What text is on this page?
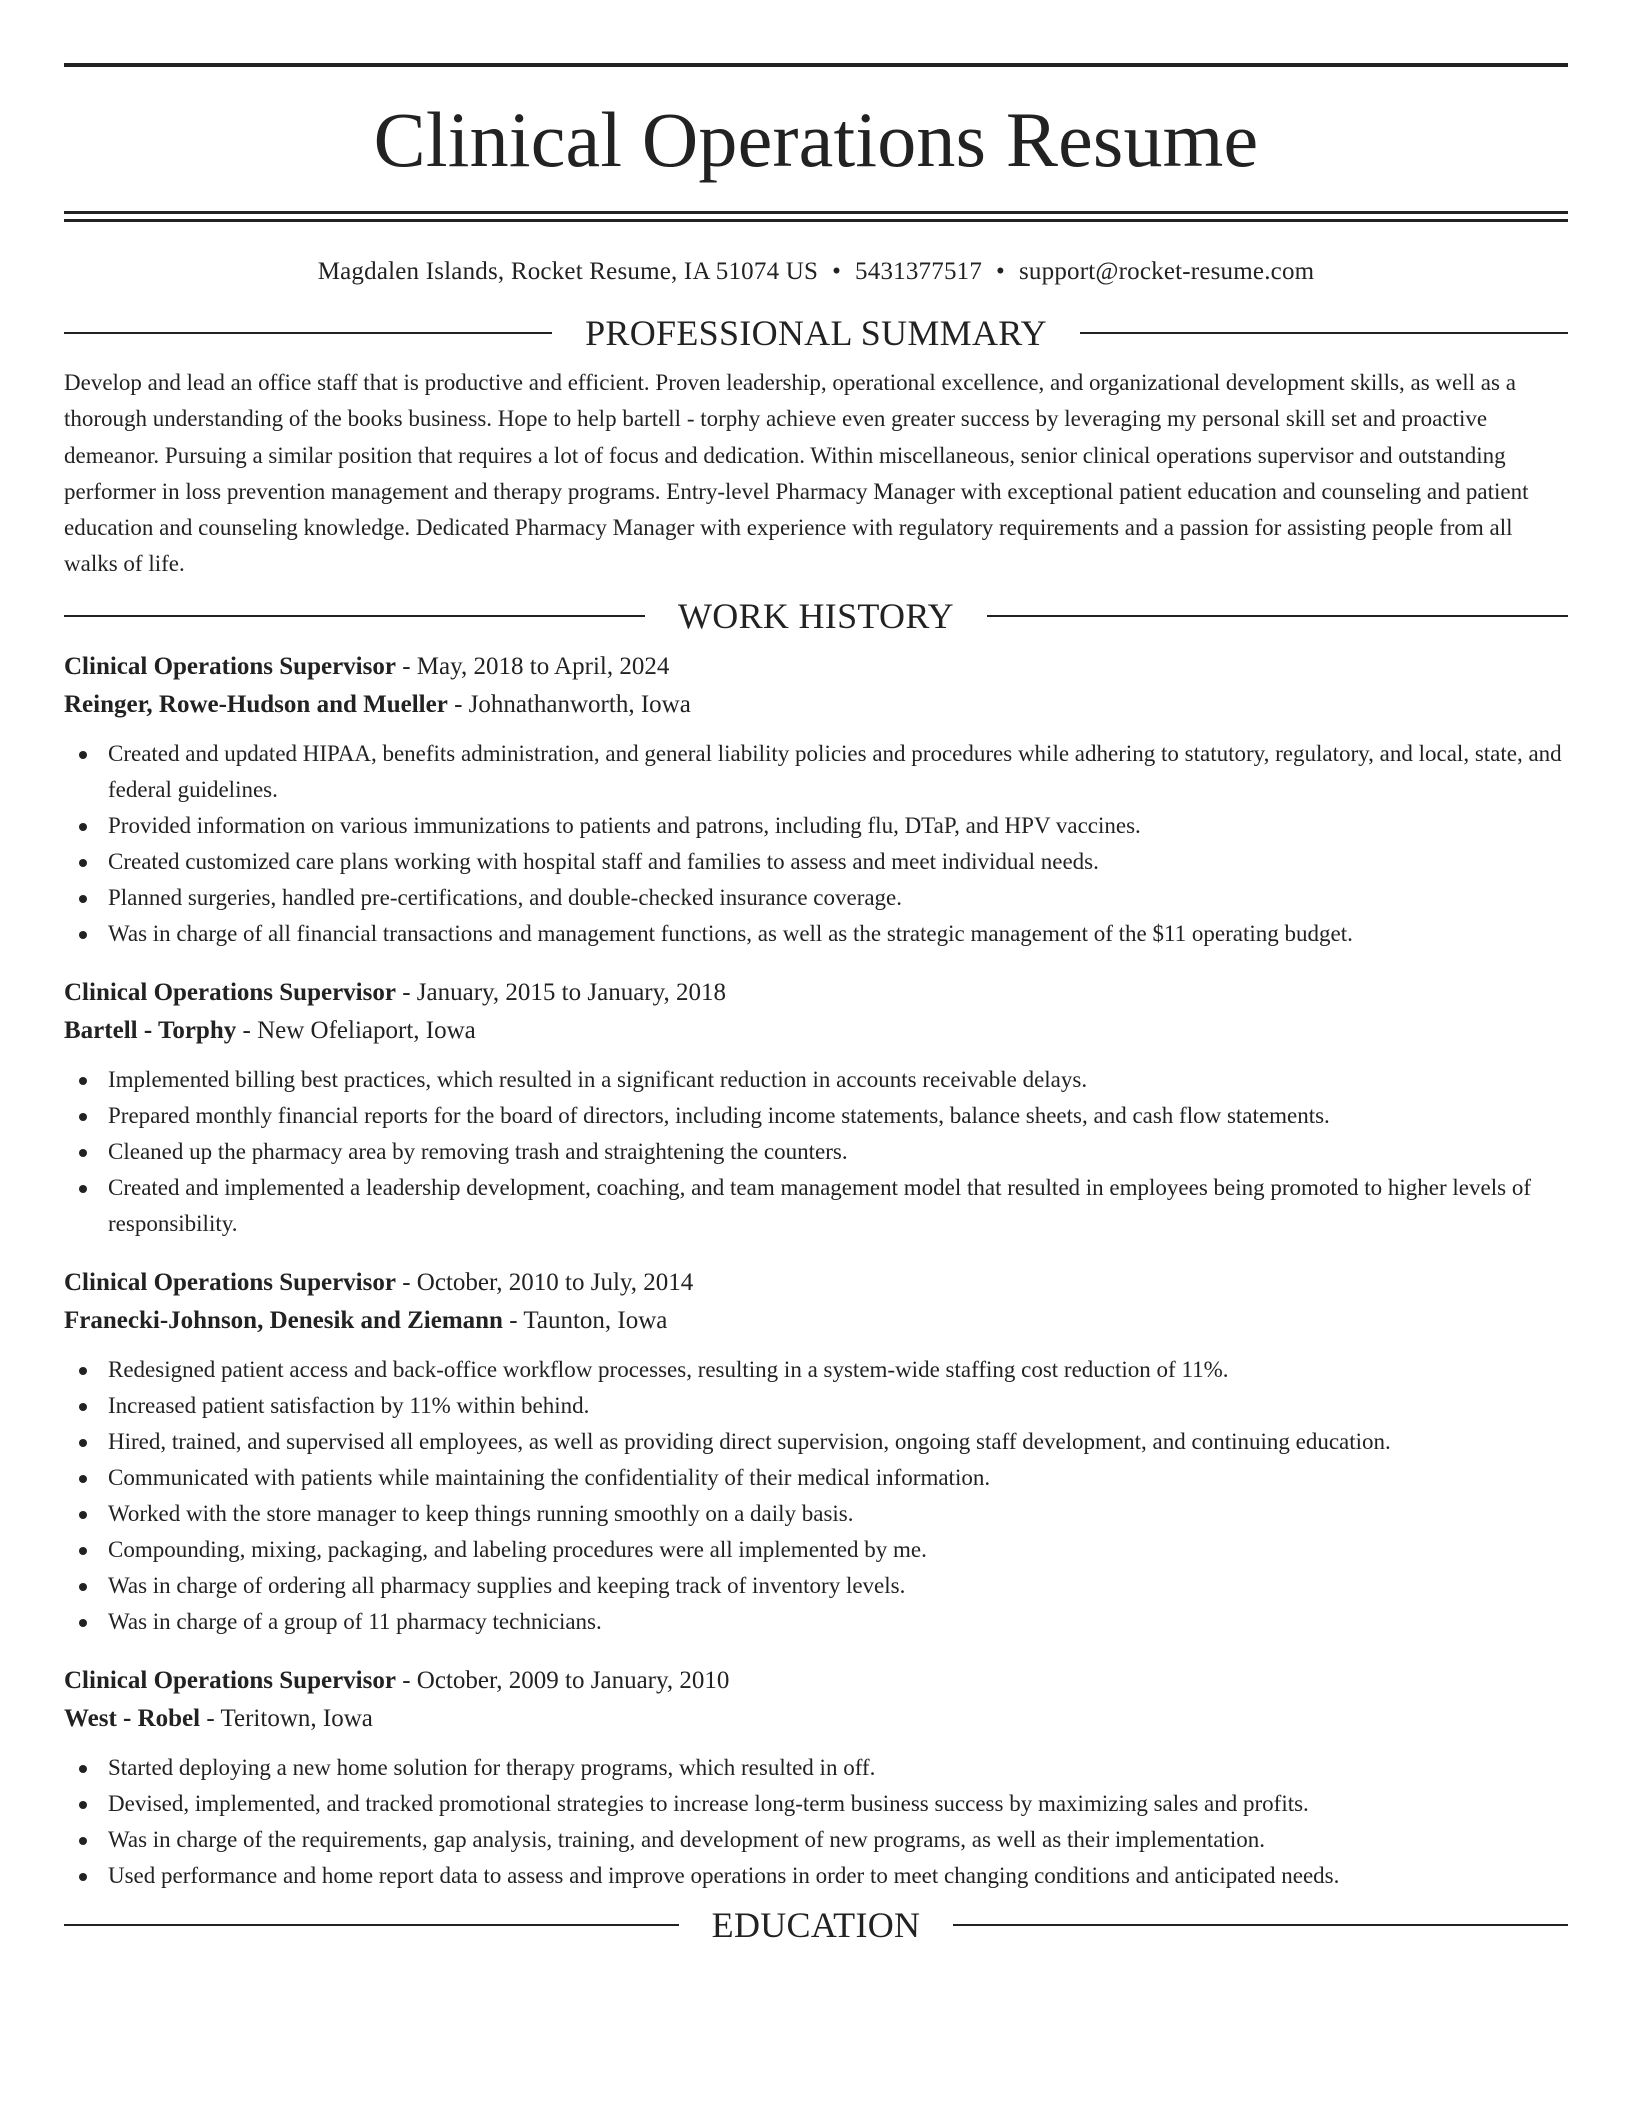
Clinical Operations Resume
Magdalen Islands, Rocket Resume, IA 51074 US • 5431377517 • support@rocket-resume.com
PROFESSIONAL SUMMARY

Develop and lead an office staff that is productive and efficient. Proven leadership, operational excellence, and organizational development skills, as well as a thorough understanding of the books business. Hope to help bartell - torphy achieve even greater success by leveraging my personal skill set and proactive demeanor. Pursuing a similar position that requires a lot of focus and dedication. Within miscellaneous, senior clinical operations supervisor and outstanding performer in loss prevention management and therapy programs. Entry-level Pharmacy Manager with exceptional patient education and counseling and patient education and counseling knowledge. Dedicated Pharmacy Manager with experience with regulatory requirements and a passion for assisting people from all walks of life.

WORK HISTORY
Clinical Operations Supervisor - May, 2018 to April, 2024
Reinger, Rowe-Hudson and Mueller - Johnathanworth, Iowa
Created and updated HIPAA, benefits administration, and general liability policies and procedures while adhering to statutory, regulatory, and local, state, and federal guidelines.
Provided information on various immunizations to patients and patrons, including flu, DTaP, and HPV vaccines.
Created customized care plans working with hospital staff and families to assess and meet individual needs.
Planned surgeries, handled pre-certifications, and double-checked insurance coverage.
Was in charge of all financial transactions and management functions, as well as the strategic management of the $11 operating budget.
Clinical Operations Supervisor - January, 2015 to January, 2018
Bartell - Torphy - New Ofeliaport, Iowa
Implemented billing best practices, which resulted in a significant reduction in accounts receivable delays.
Prepared monthly financial reports for the board of directors, including income statements, balance sheets, and cash flow statements.
Cleaned up the pharmacy area by removing trash and straightening the counters.
Created and implemented a leadership development, coaching, and team management model that resulted in employees being promoted to higher levels of responsibility.
Clinical Operations Supervisor - October, 2010 to July, 2014
Franecki-Johnson, Denesik and Ziemann - Taunton, Iowa
Redesigned patient access and back-office workflow processes, resulting in a system-wide staffing cost reduction of 11%.
Increased patient satisfaction by 11% within behind.
Hired, trained, and supervised all employees, as well as providing direct supervision, ongoing staff development, and continuing education.
Communicated with patients while maintaining the confidentiality of their medical information.
Worked with the store manager to keep things running smoothly on a daily basis.
Compounding, mixing, packaging, and labeling procedures were all implemented by me.
Was in charge of ordering all pharmacy supplies and keeping track of inventory levels.
Was in charge of a group of 11 pharmacy technicians.
Clinical Operations Supervisor - October, 2009 to January, 2010
West - Robel - Teritown, Iowa
Started deploying a new home solution for therapy programs, which resulted in off.
Devised, implemented, and tracked promotional strategies to increase long-term business success by maximizing sales and profits.
Was in charge of the requirements, gap analysis, training, and development of new programs, as well as their implementation.
Used performance and home report data to assess and improve operations in order to meet changing conditions and anticipated needs.
EDUCATION
